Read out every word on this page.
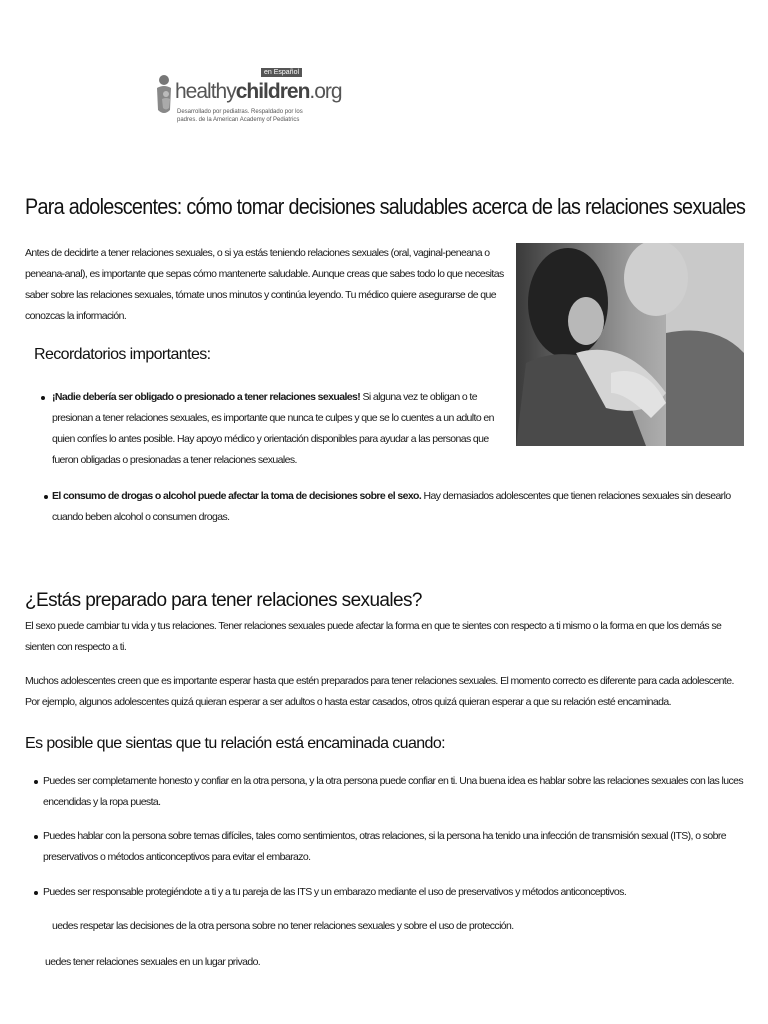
healthychildren.org
en Español
Desarrollado por pediatras. Respaldado por los padres. de la American Academy of Pediatrics
Para adolescentes: cómo tomar decisiones saludables acerca de las relaciones sexuales
Antes de decidirte a tener relaciones sexuales, o si ya estás teniendo relaciones sexuales (oral, vaginal-peneana o peneana-anal), es importante que sepas cómo mantenerte saludable. Aunque creas que sabes todo lo que necesitas saber sobre las relaciones sexuales, tómate unos minutos y continúa leyendo. Tu médico quiere asegurarse de que conozcas la información.
Recordatorios importantes:
¡Nadie debería ser obligado o presionado a tener relaciones sexuales! Si alguna vez te obligan o te presionan a tener relaciones sexuales, es importante que nunca te culpes y que se lo cuentes a un adulto en quien confíes lo antes posible. Hay apoyo médico y orientación disponibles para ayudar a las personas que fueron obligadas o presionadas a tener relaciones sexuales.
El consumo de drogas o alcohol puede afectar la toma de decisiones sobre el sexo. Hay demasiados adolescentes que tienen relaciones sexuales sin desearlo cuando beben alcohol o consumen drogas.
¿Estás preparado para tener relaciones sexuales?
El sexo puede cambiar tu vida y tus relaciones. Tener relaciones sexuales puede afectar la forma en que te sientes con respecto a ti mismo o la forma en que los demás se sienten con respecto a ti.
Muchos adolescentes creen que es importante esperar hasta que estén preparados para tener relaciones sexuales. El momento correcto es diferente para cada adolescente. Por ejemplo, algunos adolescentes quizá quieran esperar a ser adultos o hasta estar casados, otros quizá quieran esperar a que su relación esté encaminada.
Es posible que sientas que tu relación está encaminada cuando:
Puedes ser completamente honesto y confiar en la otra persona, y la otra persona puede confiar en ti. Una buena idea es hablar sobre las relaciones sexuales con las luces encendidas y la ropa puesta.
Puedes hablar con la persona sobre temas difíciles, tales como sentimientos, otras relaciones, si la persona ha tenido una infección de transmisión sexual (ITS), o sobre preservativos o métodos anticonceptivos para evitar el embarazo.
Puedes ser responsable protegiéndote a ti y a tu pareja de las ITS y un embarazo mediante el uso de preservativos y métodos anticonceptivos.
uedes respetar las decisiones de la otra persona sobre no tener relaciones sexuales y sobre el uso de protección.
uedes tener relaciones sexuales en un lugar privado.
